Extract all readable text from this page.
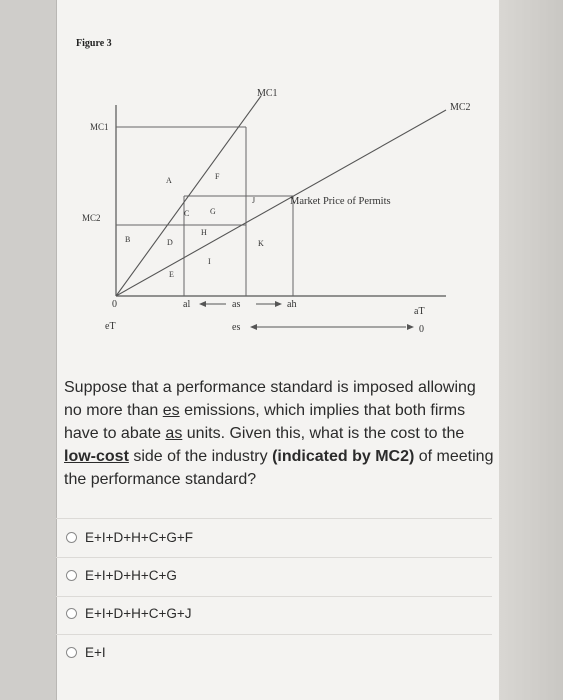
Figure 3
MC1
MC2
MC1
MC2
Market Price of Permits
A
B
C
D
E
F
G
H
I
J
K
0
eT
al	as	ah
es
aT
0
Suppose that a performance standard is imposed allowing no more than es emissions, which implies that both firms have to abate as units. Given this, what is the cost to the low-cost side of the industry (indicated by MC2) of meeting the performance standard?
E+I+D+H+C+G+F
E+I+D+H+C+G
E+I+D+H+C+G+J
E+I
